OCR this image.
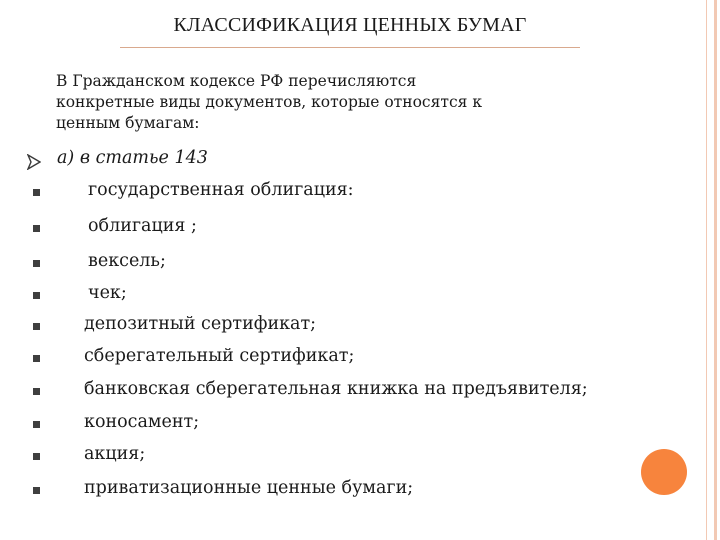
КЛАССИФИКАЦИЯ ЦЕННЫХ БУМАГ
В Гражданском кодексе РФ перечисляются
конкретные виды документов, которые относятся к
ценным бумагам:
а) в статье 143
государственная облигация:
облигация ;
вексель;
чек;
депозитный сертификат;
сберегательный сертификат;
банковская сберегательная книжка на предъявителя;
коносамент;
акция;
приватизационные ценные бумаги;
